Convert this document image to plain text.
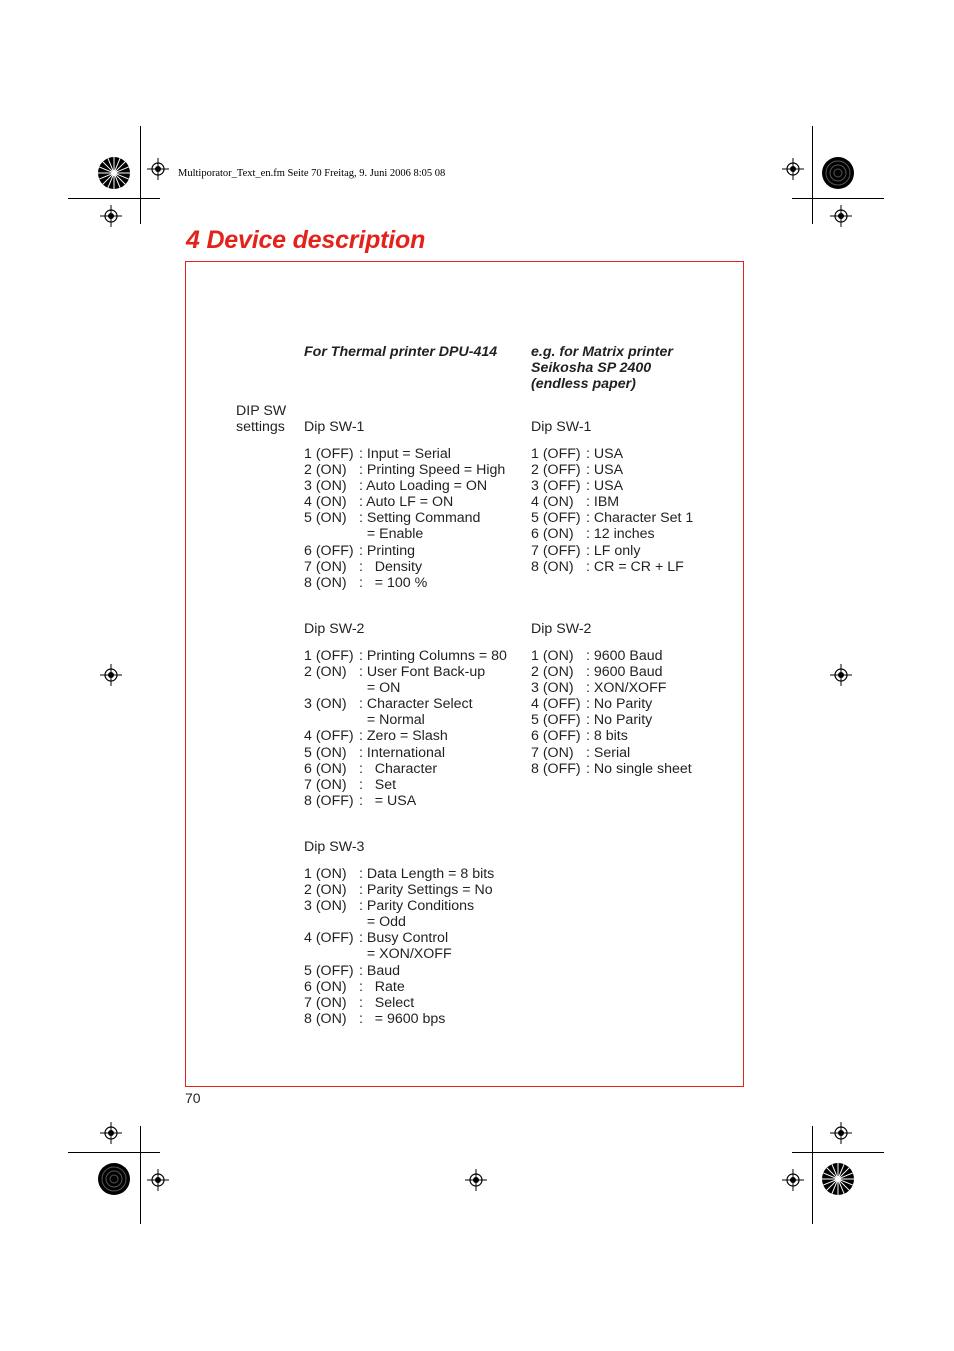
Multiporator_Text_en.fm Seite 70 Freitag, 9. Juni 2006 8:05 08
4 Device description
For Thermal printer DPU-414 e.g. for Matrix printer
Seikosha SP 2400
(endless paper)
DIP SW
settings Dip SW-1
1 (OFF) : Input = Serial
2 (ON) : Printing Speed = High
3 (ON) : Auto Loading = ON
4 (ON) : Auto LF = ON
5 (ON) : Setting Command
= Enable
6 (OFF) : Printing
7 (ON) :   Density
8 (ON) :   = 100 %
Dip SW-1
1 (OFF) : USA
2 (OFF) : USA
3 (OFF) : USA
4 (ON) : IBM
5 (OFF) : Character Set 1
6 (ON) : 12 inches
7 (OFF) : LF only
8 (ON) : CR = CR + LF
Dip SW-2
1 (OFF) : Printing Columns = 80
2 (ON) : User Font Back-up
= ON
3 (ON) : Character Select
= Normal
4 (OFF) : Zero = Slash
5 (ON) : International
6 (ON) :   Character
7 (ON) :   Set
8 (OFF) :   = USA
Dip SW-2
1 (ON) : 9600 Baud
2 (ON) : 9600 Baud
3 (ON) : XON/XOFF
4 (OFF) : No Parity
5 (OFF) : No Parity
6 (OFF) : 8 bits
7 (ON) : Serial
8 (OFF) : No single sheet
Dip SW-3
1 (ON) : Data Length = 8 bits
2 (ON) : Parity Settings = No
3 (ON) : Parity Conditions
= Odd
4 (OFF) : Busy Control
= XON/XOFF
5 (OFF) : Baud
6 (ON) :   Rate
7 (ON) :   Select
8 (ON) :   = 9600 bps
70
